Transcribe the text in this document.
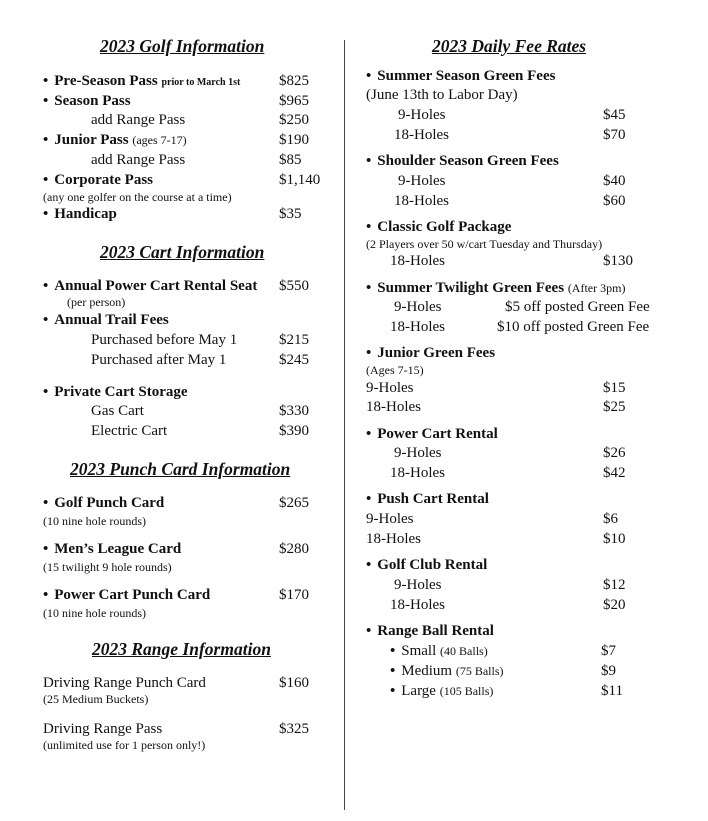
2023 Golf Information
• Pre-Season Pass prior to March 1st	$825
• Season Pass	$965
add Range Pass	$250
• Junior Pass (ages 7-17)	$190
add Range Pass	$85
• Corporate Pass	$1,140
(any one golfer on the course at a time)
• Handicap	$35
2023 Cart Information
• Annual Power Cart Rental Seat $550
(per person)
• Annual Trail Fees
Purchased before May 1	$215
Purchased after May 1	$245
• Private Cart Storage
Gas Cart	$330
Electric Cart	$390
2023 Punch Card Information
• Golf Punch Card	$265
(10 nine hole rounds)
• Men’s League Card	$280
(15 twilight 9 hole rounds)
• Power Cart Punch Card	$170
(10 nine hole rounds)
2023 Range Information
Driving Range Punch Card	$160
(25 Medium Buckets)
Driving Range Pass	$325
(unlimited use for 1 person only!)
2023 Daily Fee Rates
• Summer Season Green Fees
(June 13th to Labor Day)
9-Holes	$45
18-Holes	$70
• Shoulder Season Green Fees
9-Holes	$40
18-Holes	$60
• Classic Golf Package
(2 Players over 50 w/cart Tuesday and Thursday)
18-Holes	$130
• Summer Twilight Green Fees (After 3pm)
9-Holes	$5 off posted Green Fee
18-Holes	$10 off posted Green Fee
• Junior Green Fees
(Ages 7-15)
9-Holes	$15
18-Holes	$25
• Power Cart Rental
9-Holes	$26
18-Holes	$42
• Push Cart Rental
9-Holes	$6
18-Holes	$10
• Golf Club Rental
9-Holes	$12
18-Holes	$20
• Range Ball Rental
• Small (40 Balls)	$7
• Medium (75 Balls)	$9
• Large (105 Balls)	$11
